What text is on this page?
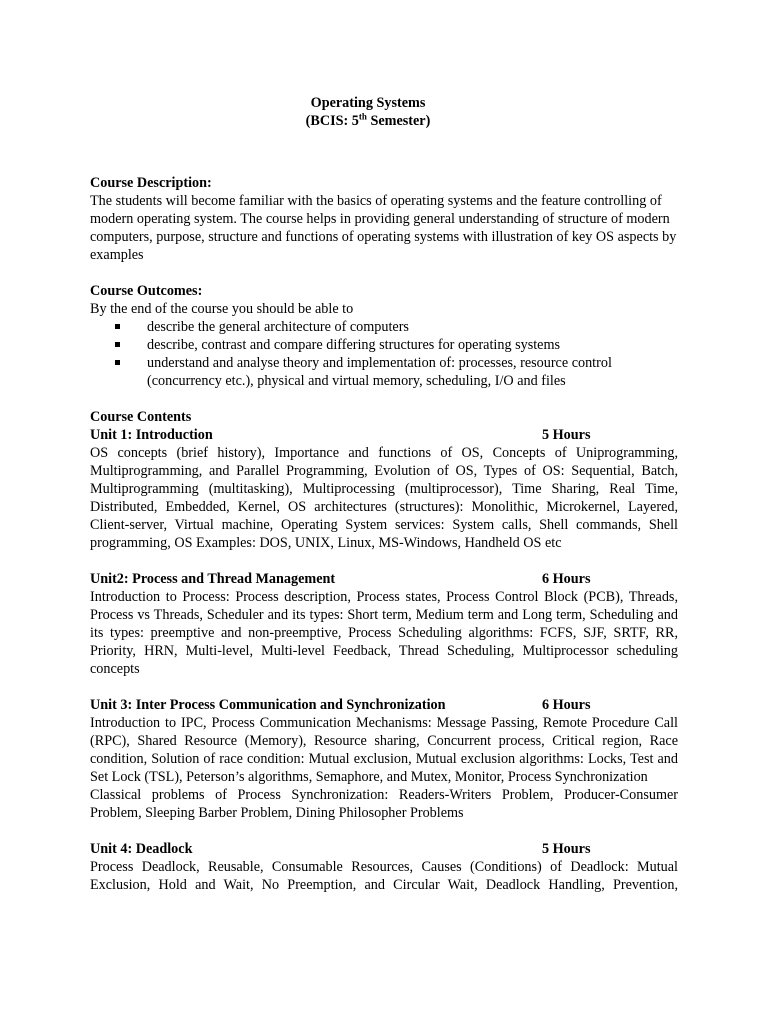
Operating Systems
(BCIS: 5th Semester)
Course Description:
The students will become familiar with the basics of operating systems and the feature controlling of modern operating system. The course helps in providing general understanding of structure of modern computers, purpose, structure and functions of operating systems with illustration of key OS aspects by examples
Course Outcomes:
By the end of the course you should be able to
describe the general architecture of computers
describe, contrast and compare differing structures for operating systems
understand and analyse theory and implementation of: processes, resource control (concurrency etc.), physical and virtual memory, scheduling, I/O and files
Course Contents
Unit 1: Introduction	5 Hours
OS concepts (brief history), Importance and functions of OS, Concepts of Uniprogramming, Multiprogramming, and Parallel Programming, Evolution of OS, Types of OS: Sequential, Batch, Multiprogramming (multitasking), Multiprocessing (multiprocessor), Time Sharing, Real Time, Distributed, Embedded, Kernel, OS architectures (structures): Monolithic, Microkernel, Layered, Client-server, Virtual machine, Operating System services: System calls, Shell commands, Shell programming, OS Examples: DOS, UNIX, Linux, MS-Windows, Handheld OS etc
Unit2: Process and Thread Management	6 Hours
Introduction to Process: Process description, Process states, Process Control Block (PCB), Threads, Process vs Threads, Scheduler and its types: Short term, Medium term and Long term, Scheduling and its types: preemptive and non-preemptive, Process Scheduling algorithms: FCFS, SJF, SRTF, RR, Priority, HRN, Multi-level, Multi-level Feedback, Thread Scheduling, Multiprocessor scheduling concepts
Unit 3: Inter Process Communication and Synchronization	6 Hours
Introduction to IPC, Process Communication Mechanisms: Message Passing, Remote Procedure Call (RPC), Shared Resource (Memory), Resource sharing, Concurrent process, Critical region, Race condition, Solution of race condition: Mutual exclusion, Mutual exclusion algorithms: Locks, Test and Set Lock (TSL), Peterson’s algorithms, Semaphore, and Mutex, Monitor, Process Synchronization
Classical problems of Process Synchronization: Readers-Writers Problem, Producer-Consumer Problem, Sleeping Barber Problem, Dining Philosopher Problems
Unit 4: Deadlock	5 Hours
Process Deadlock, Reusable, Consumable Resources, Causes (Conditions) of Deadlock: Mutual Exclusion, Hold and Wait, No Preemption, and Circular Wait, Deadlock Handling, Prevention,
